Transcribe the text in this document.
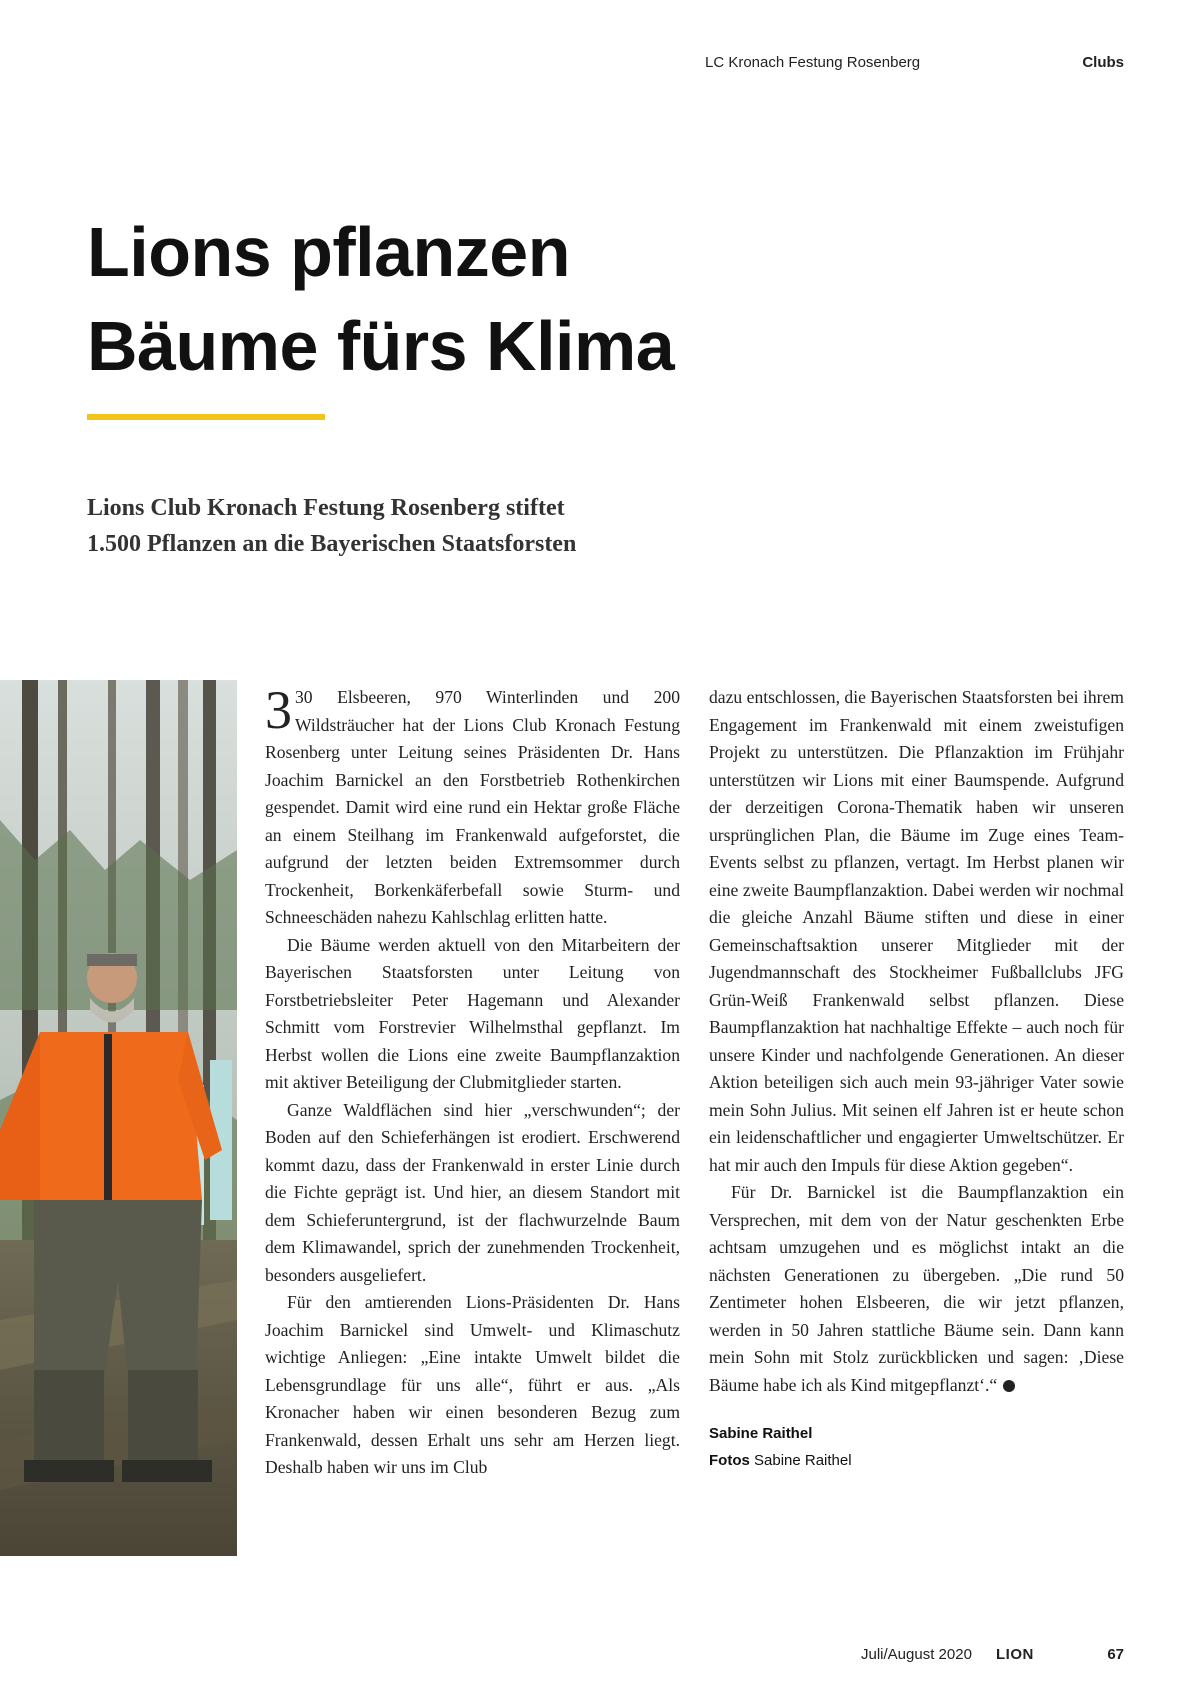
LC Kronach Festung Rosenberg	Clubs
Lions pflanzen
Bäume fürs Klima
Lions Club Kronach Festung Rosenberg stiftet
1.500 Pflanzen an die Bayerischen Staatsforsten

3 30 Elsbeeren, 970 Winterlinden und 200 Wildsträucher hat der Lions Club Kronach Festung Rosenberg unter Leitung seines Präsidenten Dr. Hans Joachim Barnickel an den Forstbetrieb Rothenkirchen gespendet. Damit wird eine rund ein Hektar große Fläche an einem Steilhang im Frankenwald aufgeforstet, die aufgrund der letzten beiden Extremsommer durch Trockenheit, Borkenkäferbefall sowie Sturm- und Schneeschäden nahezu Kahlschlag erlitten hatte.

Die Bäume werden aktuell von den Mitarbeitern der Bayerischen Staatsforsten unter Leitung von Forstbetriebsleiter Peter Hagemann und Alexander Schmitt vom Forstrevier Wilhelmsthal gepflanzt. Im Herbst wollen die Lions eine zweite Baumpflanzaktion mit aktiver Beteiligung der Clubmitglieder starten.

Ganze Waldflächen sind hier „verschwunden“; der Boden auf den Schieferhängen ist erodiert. Erschwerend kommt dazu, dass der Frankenwald in erster Linie durch die Fichte geprägt ist. Und hier, an diesem Standort mit dem Schieferuntergrund, ist der flachwurzelnde Baum dem Klimawandel, sprich der zunehmenden Trockenheit, besonders ausgeliefert.

Für den amtierenden Lions-Präsidenten Dr. Hans Joachim Barnickel sind Umwelt- und Klimaschutz wichtige Anliegen: „Eine intakte Umwelt bildet die Lebensgrundlage für uns alle“, führt er aus. „Als Kronacher haben wir einen besonderen Bezug zum Frankenwald, dessen Erhalt uns sehr am Herzen liegt. Deshalb haben wir uns im Club

dazu entschlossen, die Bayerischen Staatsforsten bei ihrem Engagement im Frankenwald mit einem zweistufigen Projekt zu unterstützen. Die Pflanzaktion im Frühjahr unterstützen wir Lions mit einer Baumspende. Aufgrund der derzeitigen Corona-Thematik haben wir unseren ursprünglichen Plan, die Bäume im Zuge eines Team-Events selbst zu pflanzen, vertagt. Im Herbst planen wir eine zweite Baumpflanzaktion. Dabei werden wir nochmal die gleiche Anzahl Bäume stiften und diese in einer Gemeinschaftsaktion unserer Mitglieder mit der Jugendmannschaft des Stockheimer Fußballclubs JFG Grün-Weiß Frankenwald selbst pflanzen. Diese Baumpflanzaktion hat nachhaltige Effekte – auch noch für unsere Kinder und nachfolgende Generationen. An dieser Aktion beteiligen sich auch mein 93-jähriger Vater sowie mein Sohn Julius. Mit seinen elf Jahren ist er heute schon ein leidenschaftlicher und engagierter Umweltschützer. Er hat mir auch den Impuls für diese Aktion gegeben“.

Für Dr. Barnickel ist die Baumpflanzaktion ein Versprechen, mit dem von der Natur geschenkten Erbe achtsam umzugehen und es möglichst intakt an die nächsten Generationen zu übergeben. „Die rund 50 Zentimeter hohen Elsbeeren, die wir jetzt pflanzen, werden in 50 Jahren stattliche Bäume sein. Dann kann mein Sohn mit Stolz zurückblicken und sagen: ‚Diese Bäume habe ich als Kind mitgepflanzt‘.“

Sabine Raithel
Fotos Sabine Raithel
Juli/August 2020 LION	67
